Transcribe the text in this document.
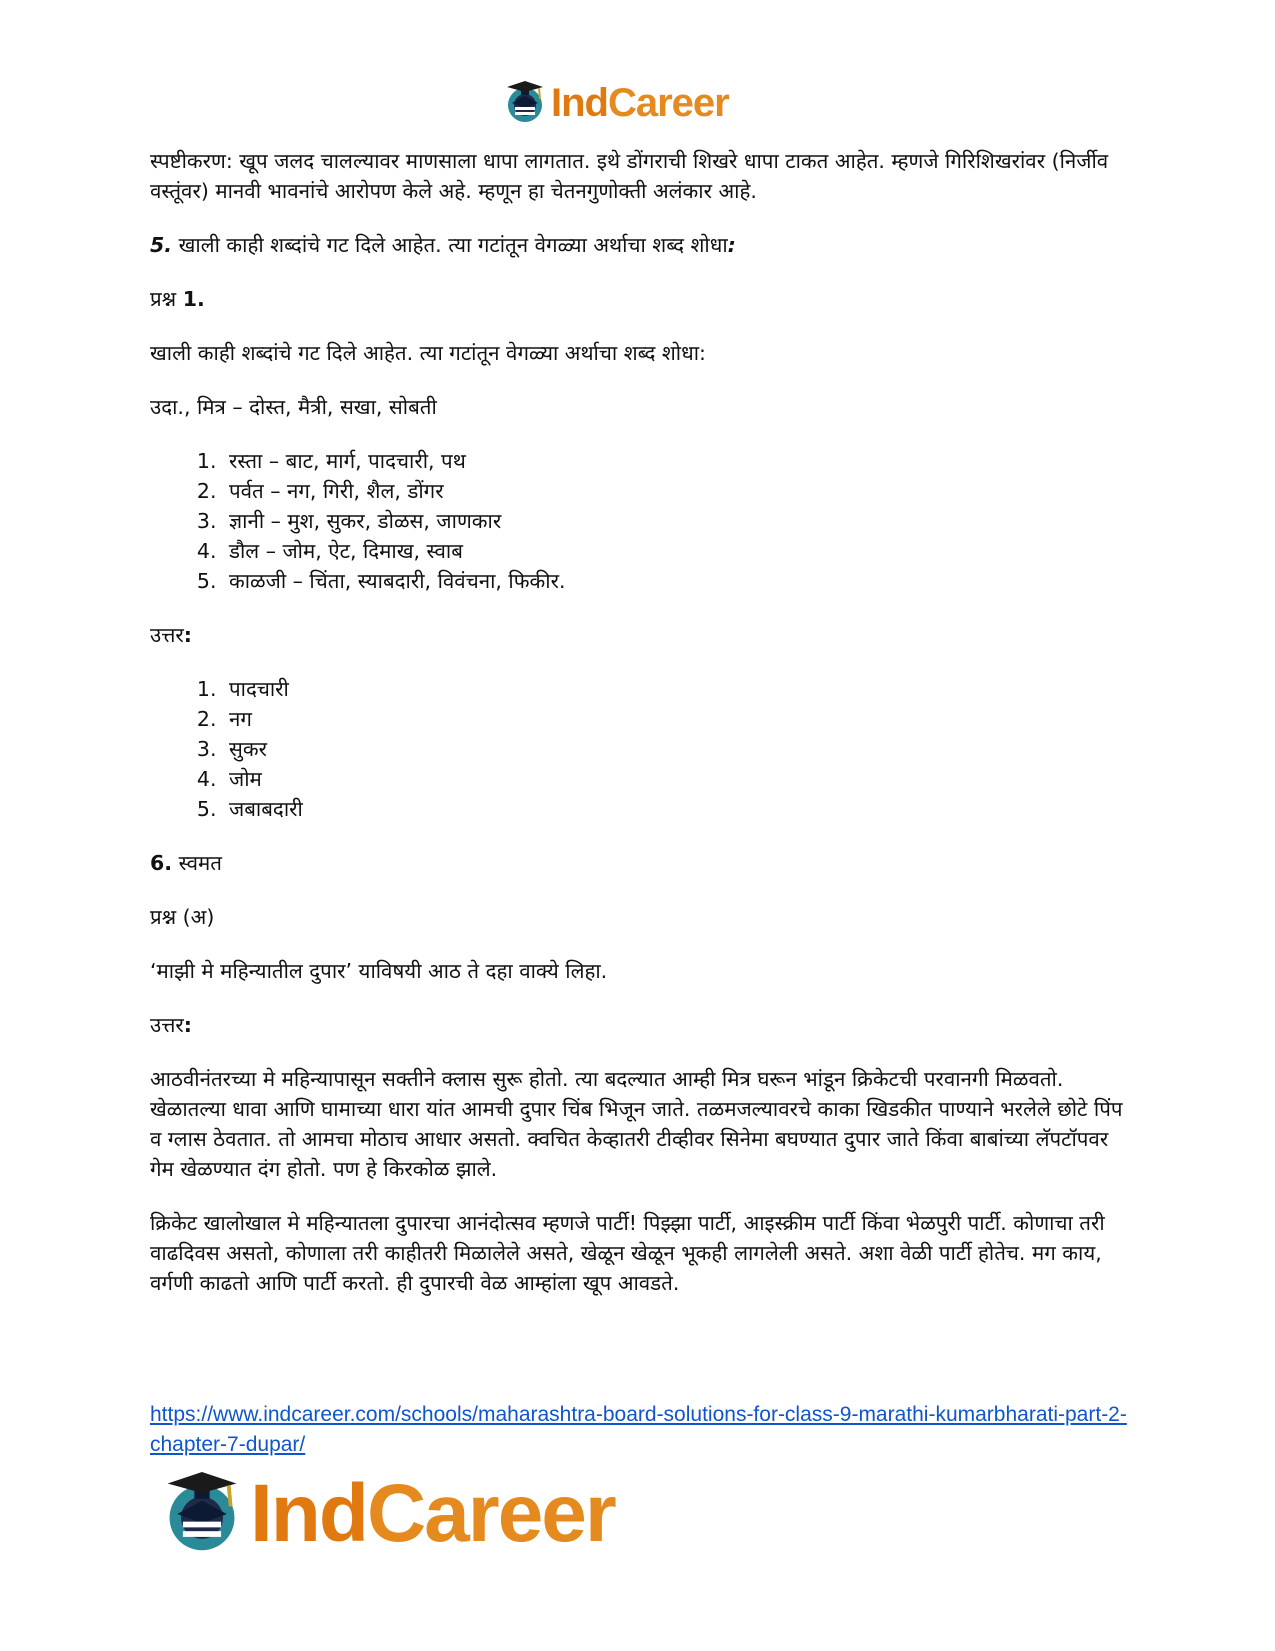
IndCareer

स्पष्टीकरण: खूप जलद चालल्यावर माणसाला धापा लागतात. इथे डोंगराची शिखरे धापा टाकत आहेत. म्हणजे गिरिशिखरांवर (निर्जीव वस्तूंवर) मानवी भावनांचे आरोपण केले अहे. म्हणून हा चेतनगुणोक्ती अलंकार आहे.

5. खाली काही शब्दांचे गट दिले आहेत. त्या गटांतून वेगळ्या अर्थाचा शब्द शोधा:

प्रश्न 1.

खाली काही शब्दांचे गट दिले आहेत. त्या गटांतून वेगळ्या अर्थाचा शब्द शोधा:

उदा., मित्र – दोस्त, मैत्री, सखा, सोबती

1. रस्ता – बाट, मार्ग, पादचारी, पथ
2. पर्वत – नग, गिरी, शैल, डोंगर
3. ज्ञानी – मुश, सुकर, डोळस, जाणकार
4. डौल – जोम, ऐट, दिमाख, स्वाब
5. काळजी – चिंता, स्याबदारी, विवंचना, फिकीर.

उत्तर:

1. पादचारी
2. नग
3. सुकर
4. जोम
5. जबाबदारी

6. स्वमत

प्रश्न (अ)

‘माझी मे महिन्यातील दुपार’ याविषयी आठ ते दहा वाक्ये लिहा.

उत्तर:

आठवीनंतरच्या मे महिन्यापासून सक्तीने क्लास सुरू होतो. त्या बदल्यात आम्ही मित्र घरून भांडून क्रिकेटची परवानगी मिळवतो. खेळातल्या धावा आणि घामाच्या धारा यांत आमची दुपार चिंब भिजून जाते. तळमजल्यावरचे काका खिडकीत पाण्याने भरलेले छोटे पिंप व ग्लास ठेवतात. तो आमचा मोठाच आधार असतो. क्वचित केव्हातरी टीव्हीवर सिनेमा बघण्यात दुपार जाते किंवा बाबांच्या लॅपटॉपवर गेम खेळण्यात दंग होतो. पण हे किरकोळ झाले.

क्रिकेट खालोखाल मे महिन्यातला दुपारचा आनंदोत्सव म्हणजे पार्टी! पिझ्झा पार्टी, आइस्क्रीम पार्टी किंवा भेळपुरी पार्टी. कोणाचा तरी वाढदिवस असतो, कोणाला तरी काहीतरी मिळालेले असते, खेळून खेळून भूकही लागलेली असते. अशा वेळी पार्टी होतेच. मग काय, वर्गणी काढतो आणि पार्टी करतो. ही दुपारची वेळ आम्हांला खूप आवडते.

https://www.indcareer.com/schools/maharashtra-board-solutions-for-class-9-marathi-kumarbharati-part-2-chapter-7-dupar/
IndCareer
